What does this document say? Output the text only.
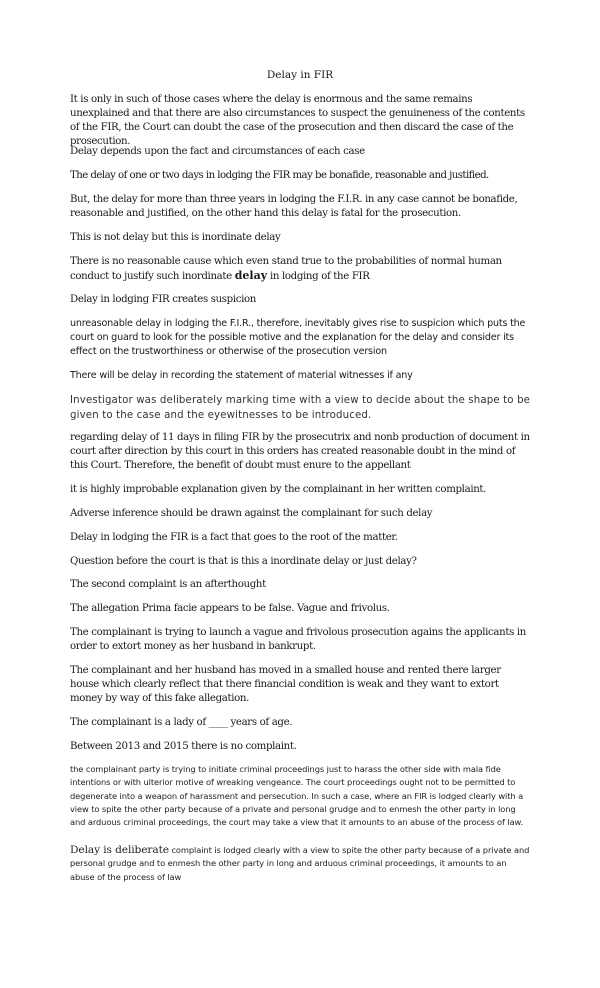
Delay in FIR

It is only in such of those cases where the delay is enormous and the same remains unexplained and that there are also circumstances to suspect the genuineness of the contents of the FIR, the Court can doubt the case of the prosecution and then discard the case of the prosecution.

Delay depends upon the fact and circumstances of each case

The delay of one or two days in lodging the FIR may be bonafide, reasonable and justified.

But, the delay for more than three years in lodging the F.I.R. in any case cannot be bonafide, reasonable and justified, on the other hand this delay is fatal for the prosecution.

This is not delay but this is inordinate delay

There is no reasonable cause which even stand true to the probabilities of normal human conduct to justify such inordinate delay in lodging of the FIR

Delay in lodging FIR creates suspicion

unreasonable delay in lodging the F.I.R., therefore, inevitably gives rise to suspicion which puts the court on guard to look for the possible motive and the explanation for the delay and consider its effect on the trustworthiness or otherwise of the prosecution version

There will be delay in recording the statement of material witnesses if any

Investigator was deliberately marking time with a view to decide about the shape to be given to the case and the eyewitnesses to be introduced.

regarding delay of 11 days in filing FIR by the prosecutrix and nonb production of document in court after direction by this court in this orders has created reasonable doubt in the mind of this Court. Therefore, the benefit of doubt must enure to the appellant

it is highly improbable explanation given by the complainant in her written complaint.

Adverse inference should be drawn against the complainant for such delay

Delay in lodging the FIR is a fact that goes to the root of the matter.

Question before the court is that is this a inordinate delay or just delay?

The second complaint is an afterthought

The allegation Prima facie appears to be false. Vague and frivolus.

The complainant is trying to launch a vague and frivolous prosecution agains the applicants in order to extort money as her husband in bankrupt.

The complainant and her husband has moved in a smalled house and rented there larger house which clearly reflect that there financial condition is weak and they want to extort money by way of this fake allegation.

The complainant is a lady of ____ years of age.

Between 2013 and 2015 there is no complaint.

the complainant party is trying to initiate criminal proceedings just to harass the other side with mala fide intentions or with ulterior motive of wreaking vengeance. The court proceedings ought not to be permitted to degenerate into a weapon of harassment and persecution. In such a case, where an FIR is lodged clearly with a view to spite the other party because of a private and personal grudge and to enmesh the other party in long and arduous criminal proceedings, the court may take a view that it amounts to an abuse of the process of law.

Delay is deliberate complaint is lodged clearly with a view to spite the other party because of a private and personal grudge and to enmesh the other party in long and arduous criminal proceedings, it amounts to an abuse of the process of law
